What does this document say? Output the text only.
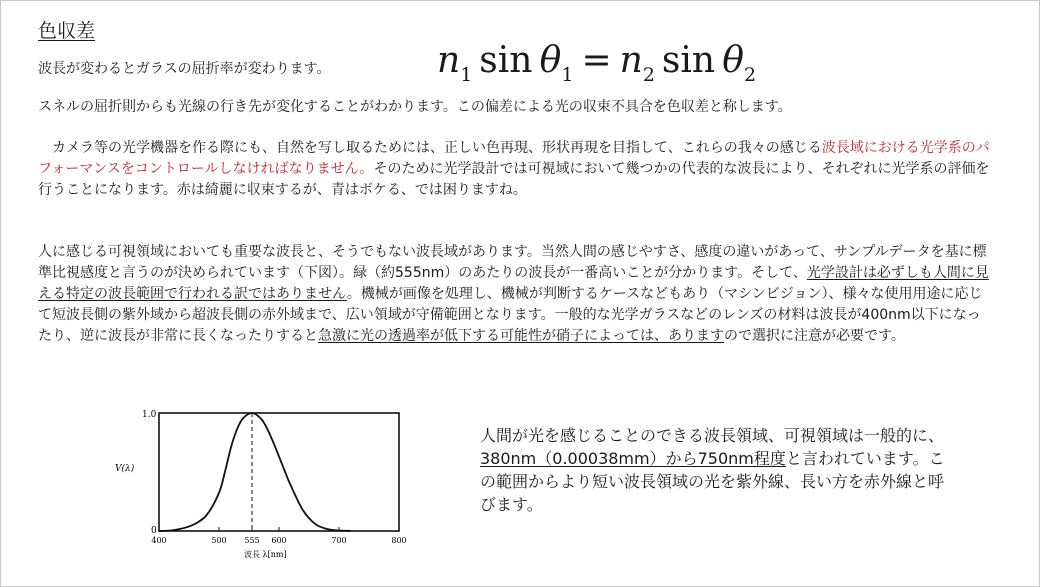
色収差
波長が変わるとガラスの屈折率が変わります。	$n_1$ $\sin \theta_1 = n_2$ $\sin \theta_2$
スネルの屈折則からも光線の行き先が変化することがわかります。この偏差による光の収束不具合を色収差と称します。
　カメラ等の光学機器を作る際にも、自然を写し取るためには、正しい色再現、形状再現を目指して、これらの我々の感じる波長域における光学系のパフォーマンスをコントロールしなければなりません。そのために光学設計では可視域において幾つかの代表的な波長により、それぞれに光学系の評価を行うことになります。赤は綺麗に収束するが、青はボケる、では困りますね。
人に感じる可視領域においても重要な波長と、そうでもない波長域があります。当然人間の感じやすさ、感度の違いがあって、サンプルデータを基に標準比視感度と言うのが決められています（下図）。緑（約555nm）のあたりの波長が一番高いことが分かります。そして、光学設計は必ずしも人間に見える特定の波長範囲で行われる訳ではありません。機械が画像を処理し、機械が判断するケースなどもあり（マシンビジョン）、様々な使用用途に応じて短波長側の紫外域から超波長側の赤外域まで、広い領域が守備範囲となります。一般的な光学ガラスなどのレンズの材料は波長が400nm以下になったり、逆に波長が非常に長くなったりすると急激に光の透過率が低下する可能性が硝子によっては、ありますので選択に注意が必要です。
1.0
0
V(λ)
400	500 555 600	700	800
波長 λ[nm]
人間が光を感じることのできる波長領域、可視領域は一般的に、380nm（0.00038mm）から750nm程度と言われています。この範囲からより短い波長領域の光を紫外線、長い方を赤外線と呼びます。
